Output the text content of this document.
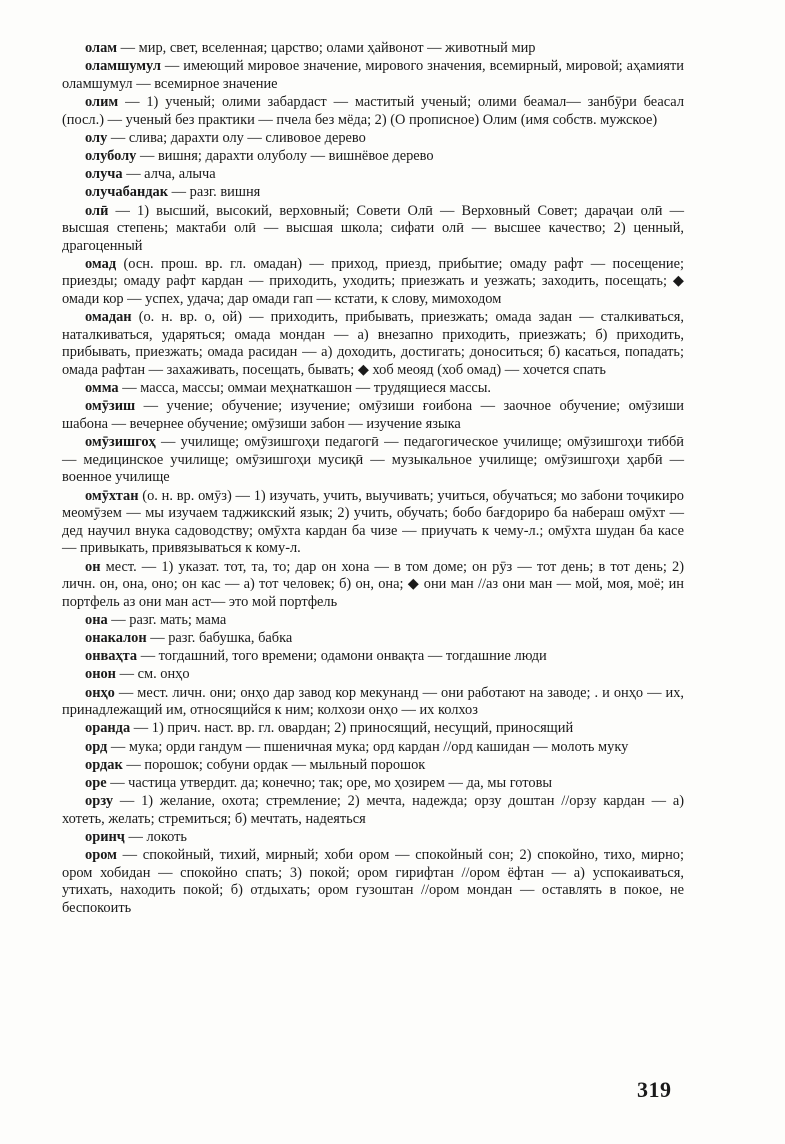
олам — мир, свет, вселенная; царство; олами ҳайвонот — животный мир

оламшумул — имеющий мировое значение, мирового значения, всемирный, мировой; аҳамияти оламшумул — всемирное значение

олим — 1) ученый; олими забардаст — маститый ученый; олими беамал— занбӯри беасал (посл.) — ученый без практики — пчела без мёда; 2) (О прописное) Олим (имя собств. мужское)

олу — слива; дарахти олу — сливовое дерево

олуболу — вишня; дарахти олуболу — вишнёвое дерево

олуча — алча, алыча

олучабандак — разг. вишня

олӣ — 1) высший, высокий, верховный; Совети Олӣ — Верховный Совет; дараҷаи олӣ — высшая степень; мактаби олӣ — высшая школа; сифати олӣ — высшее качество; 2) ценный, драгоценный

омад (осн. прош. вр. гл. омадан) — приход, приезд, прибытие; омаду рафт — посещение; приезды; омаду рафт кардан — приходить, уходить; приезжать и уезжать; заходить, посещать; ◆ омади кор — успех, удача; дар омади гап — кстати, к слову, мимоходом

омадан (о. н. вр. о, ой) — приходить, прибывать, приезжать; омада задан — сталкиваться, наталкиваться, ударяться; омада мондан — а) внезапно приходить, приезжать; б) приходить, прибывать, приезжать; омада расидан — а) доходить, достигать; доноситься; б) касаться, попадать; омада рафтан — захаживать, посещать, бывать; ◆ хоб меояд (хоб омад) — хочется спать

омма — масса, массы; оммаи меҳнаткашон — трудящиеся массы.

омӯзиш — учение; обучение; изучение; омӯзиши ғоибона — заочное обучение; омӯзиши шабона — вечернее обучение; омӯзиши забон — изучение языка

омӯзишгоҳ — училище; омӯзишгоҳи педагогӣ — педагогическое училище; омӯзишгоҳи тиббӣ — медицинское училище; омӯзишгоҳи мусиқӣ — музыкальное училище; омӯзишгоҳи ҳарбӣ — военное училище

омӯхтан (о. н. вр. омӯз) — 1) изучать, учить, выучивать; учиться, обучаться; мо забони тоҷикиро меомӯзем — мы изучаем таджикский язык; 2) учить, обучать; бобо бағдориро ба набераш омӯхт — дед научил внука садоводству; омӯхта кардан ба чизе — приучать к чему-л.; омӯхта шудан ба касе — привыкать, привязываться к кому-л.

он мест. — 1) указат. тот, та, то; дар он хона — в том доме; он рӯз — тот день; в тот день; 2) личн. он, она, оно; он кас — а) тот человек; б) он, она; ◆ они ман //аз они ман — мой, моя, моё; ин портфель аз они ман аст— это мой портфель

она — разг. мать; мама

онакалон — разг. бабушка, бабка

онваҳта — тогдашний, того времени; одамони онвақта — тогдашние люди

онон — см. онҳо

онҳо — мест. личн. они; онҳо дар завод кор мекунанд — они работают на заводе; . и онҳо — их, принадлежащий им, относящийся к ним; колхози онҳо — их колхоз

оранда — 1) прич. наст. вр. гл. овардан; 2) приносящий, несущий, приносящий

орд — мука; орди гандум — пшеничная мука; орд кардан //орд кашидан — молоть муку

ордак — порошок; собуни ордак — мыльный порошок

оре — частица утвердит. да; конечно; так; оре, мо ҳозирем — да, мы готовы

орзу — 1) желание, охота; стремление; 2) мечта, надежда; орзу доштан //орзу кардан — а) хотеть, желать; стремиться; б) мечтать, надеяться

оринҷ — локоть

ором — спокойный, тихий, мирный; хоби ором — спокойный сон; 2) спокойно, тихо, мирно; ором хобидан — спокойно спать; 3) покой; ором гирифтан //ором ёфтан — а) успокаиваться, утихать, находить покой; б) отдыхать; ором гузоштан //ором мондан — оставлять в покое, не беспокоить

319
